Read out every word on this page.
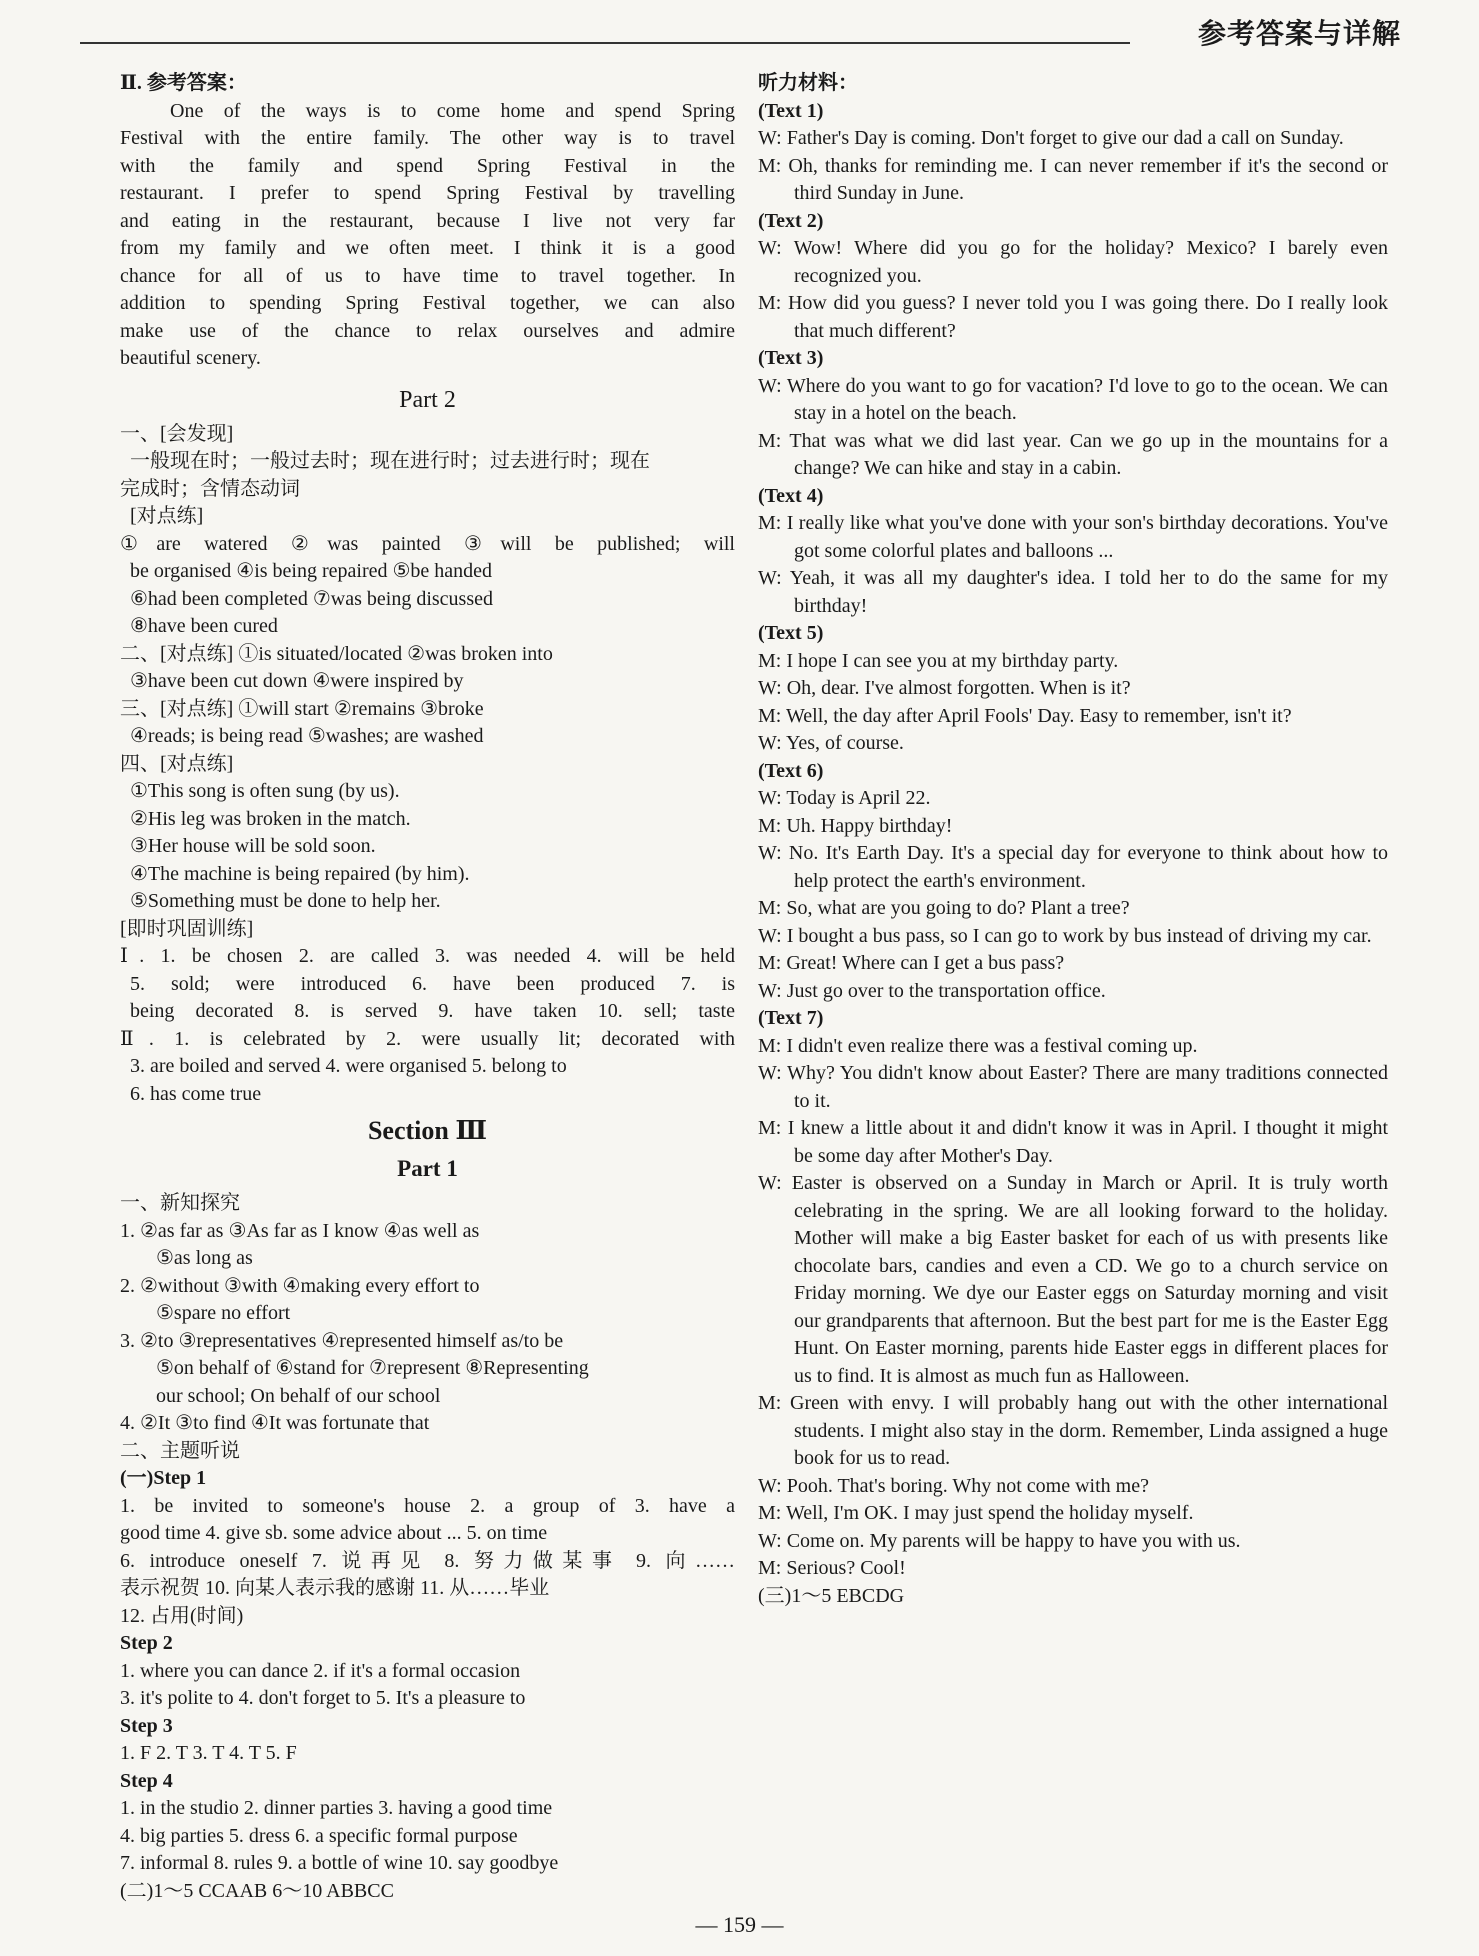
参考答案与详解
Ⅱ. 参考答案：
One of the ways is to come home and spend Spring
Festival with the entire family. The other way is to travel
with the family and spend Spring Festival in the
restaurant. I prefer to spend Spring Festival by travelling
and eating in the restaurant, because I live not very far
from my family and we often meet. I think it is a good
chance for all of us to have time to travel together. In
addition to spending Spring Festival together, we can also
make use of the chance to relax ourselves and admire
beautiful scenery.
Part 2
一、[会发现]
一般现在时；一般过去时；现在进行时；过去进行时；现在
完成时；含情态动词
[对点练]
①are watered ②was painted ③will be published; will
be organised ④is being repaired ⑤be handed
⑥had been completed ⑦was being discussed
⑧have been cured
二、[对点练] ①is situated/located ②was broken into
③have been cut down ④were inspired by
三、[对点练] ①will start ②remains ③broke
④reads; is being read ⑤washes; are washed
四、[对点练]
①This song is often sung (by us).
②His leg was broken in the match.
③Her house will be sold soon.
④The machine is being repaired (by him).
⑤Something must be done to help her.
[即时巩固训练]
Ⅰ. 1. be chosen 2. are called 3. was needed 4. will be held
5. sold; were introduced 6. have been produced 7. is
being decorated 8. is served 9. have taken 10. sell; taste
Ⅱ. 1. is celebrated by 2. were usually lit; decorated with
3. are boiled and served 4. were organised 5. belong to
6. has come true
Section Ⅲ
Part 1
一、新知探究
1. ②as far as ③As far as I know ④as well as
⑤as long as
2. ②without ③with ④making every effort to
⑤spare no effort
3. ②to ③representatives ④represented himself as/to be
⑤on behalf of ⑥stand for ⑦represent ⑧Representing
our school; On behalf of our school
4. ②It ③to find ④It was fortunate that
二、主题听说
(一)Step 1
1. be invited to someone's house 2. a group of 3. have a
good time 4. give sb. some advice about ... 5. on time
6. introduce oneself 7. 说再见 8. 努力做某事 9. 向……
表示祝贺 10. 向某人表示我的感谢 11. 从……毕业
12. 占用(时间)
Step 2
1. where you can dance 2. if it's a formal occasion
3. it's polite to 4. don't forget to 5. It's a pleasure to
Step 3
1. F 2. T 3. T 4. T 5. F
Step 4
1. in the studio 2. dinner parties 3. having a good time
4. big parties 5. dress 6. a specific formal purpose
7. informal 8. rules 9. a bottle of wine 10. say goodbye
(二)1～5 CCAAB 6～10 ABBCC
听力材料：
(Text 1)
W: Father's Day is coming. Don't forget to give our dad a call on Sunday.
M: Oh, thanks for reminding me. I can never remember if it's the second or third Sunday in June.
(Text 2)
W: Wow! Where did you go for the holiday? Mexico? I barely even recognized you.
M: How did you guess? I never told you I was going there. Do I really look that much different?
(Text 3)
W: Where do you want to go for vacation? I'd love to go to the ocean. We can stay in a hotel on the beach.
M: That was what we did last year. Can we go up in the mountains for a change? We can hike and stay in a cabin.
(Text 4)
M: I really like what you've done with your son's birthday decorations. You've got some colorful plates and balloons ...
W: Yeah, it was all my daughter's idea. I told her to do the same for my birthday!
(Text 5)
M: I hope I can see you at my birthday party.
W: Oh, dear. I've almost forgotten. When is it?
M: Well, the day after April Fools' Day. Easy to remember, isn't it?
W: Yes, of course.
(Text 6)
W: Today is April 22.
M: Uh. Happy birthday!
W: No. It's Earth Day. It's a special day for everyone to think about how to help protect the earth's environment.
M: So, what are you going to do? Plant a tree?
W: I bought a bus pass, so I can go to work by bus instead of driving my car.
M: Great! Where can I get a bus pass?
W: Just go over to the transportation office.
(Text 7)
M: I didn't even realize there was a festival coming up.
W: Why? You didn't know about Easter? There are many traditions connected to it.
M: I knew a little about it and didn't know it was in April. I thought it might be some day after Mother's Day.
W: Easter is observed on a Sunday in March or April. It is truly worth celebrating in the spring. We are all looking forward to the holiday. Mother will make a big Easter basket for each of us with presents like chocolate bars, candies and even a CD. We go to a church service on Friday morning. We dye our Easter eggs on Saturday morning and visit our grandparents that afternoon. But the best part for me is the Easter Egg Hunt. On Easter morning, parents hide Easter eggs in different places for us to find. It is almost as much fun as Halloween.
M: Green with envy. I will probably hang out with the other international students. I might also stay in the dorm. Remember, Linda assigned a huge book for us to read.
W: Pooh. That's boring. Why not come with me?
M: Well, I'm OK. I may just spend the holiday myself.
W: Come on. My parents will be happy to have you with us.
M: Serious? Cool!
(三)1～5 EBCDG
— 159 —
